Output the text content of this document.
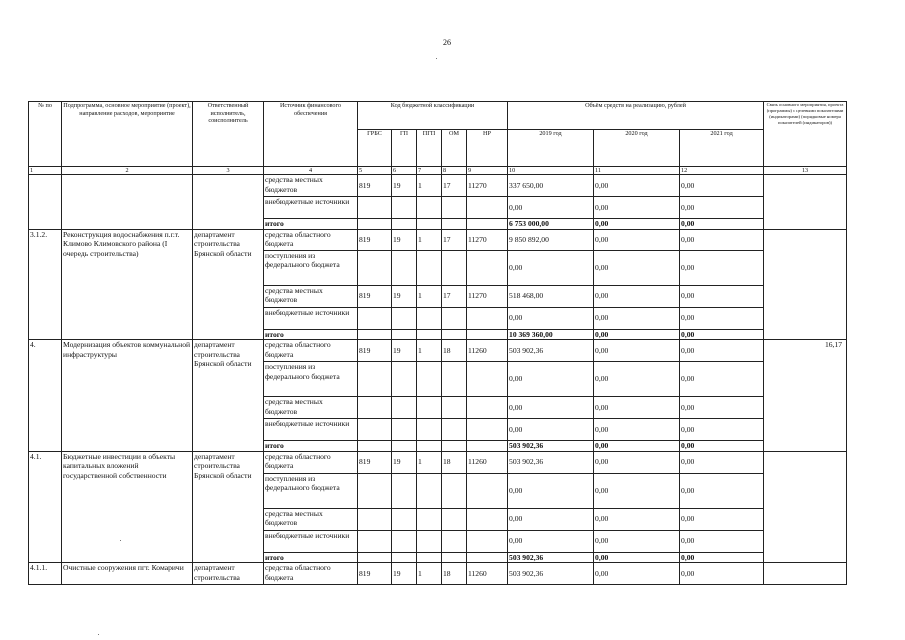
26
№ по	Подпрограмма, основное мероприятие (проект), направление расходов, мероприятие	Ответственный исполнитель, соисполнитель	Источник финансового обеспечения	Код бюджетной классификации					Объём средств на реализацию, рублей			Связь основного мероприятия, проекта (программы) с целевыми показателями (индикаторами) (порядковые номера показателей (индикаторов))
				ГРБС	ГП	ПГП	ОМ	НР	2019 год	2020 год	2021 год	
1	2	3	4	5	6	7	8	9	10	11	12	13
			средства местных бюджетов	819	19	1	17	11270	337 650,00	0,00	0,00	
			внебюджетные источники						0,00	0,00	0,00	
			итого						6 753 000,00	0,00	0,00	
3.1.2.	Реконструкция водоснабжения п.г.т. Климово Климовского района (I очередь строительства)	департамент строительства Брянской области	средства областного бюджета	819	19	1	17	11270	9 850 892,00	0,00	0,00	
			поступления из федерального бюджета						0,00	0,00	0,00	
			средства местных бюджетов	819	19	1	17	11270	518 468,00	0,00	0,00	
			внебюджетные источники						0,00	0,00	0,00	
			итого						10 369 360,00	0,00	0,00	
4.	Модернизация объектов коммунальной инфраструктуры	департамент строительства Брянской области	средства областного бюджета	819	19	1	18	11260	503 902,36	0,00	0,00	16,17
			поступления из федерального бюджета						0,00	0,00	0,00	
			средства местных бюджетов						0,00	0,00	0,00	
			внебюджетные источники						0,00	0,00	0,00	
			итого						503 902,36	0,00	0,00	
4.1.	Бюджетные инвестиции в объекты капитальных вложений государственной собственности	департамент строительства Брянской области	средства областного бюджета	819	19	1	18	11260	503 902,36	0,00	0,00	
			поступления из федерального бюджета						0,00	0,00	0,00	
			средства местных бюджетов						0,00	0,00	0,00	
			внебюджетные источники						0,00	0,00	0,00	
			итого						503 902,36	0,00	0,00	
4.1.1.	Очистные сооружения пгт. Комаричи	департамент строительства	средства областного бюджета	819	19	1	18	11260	503 902,36	0,00	0,00	
